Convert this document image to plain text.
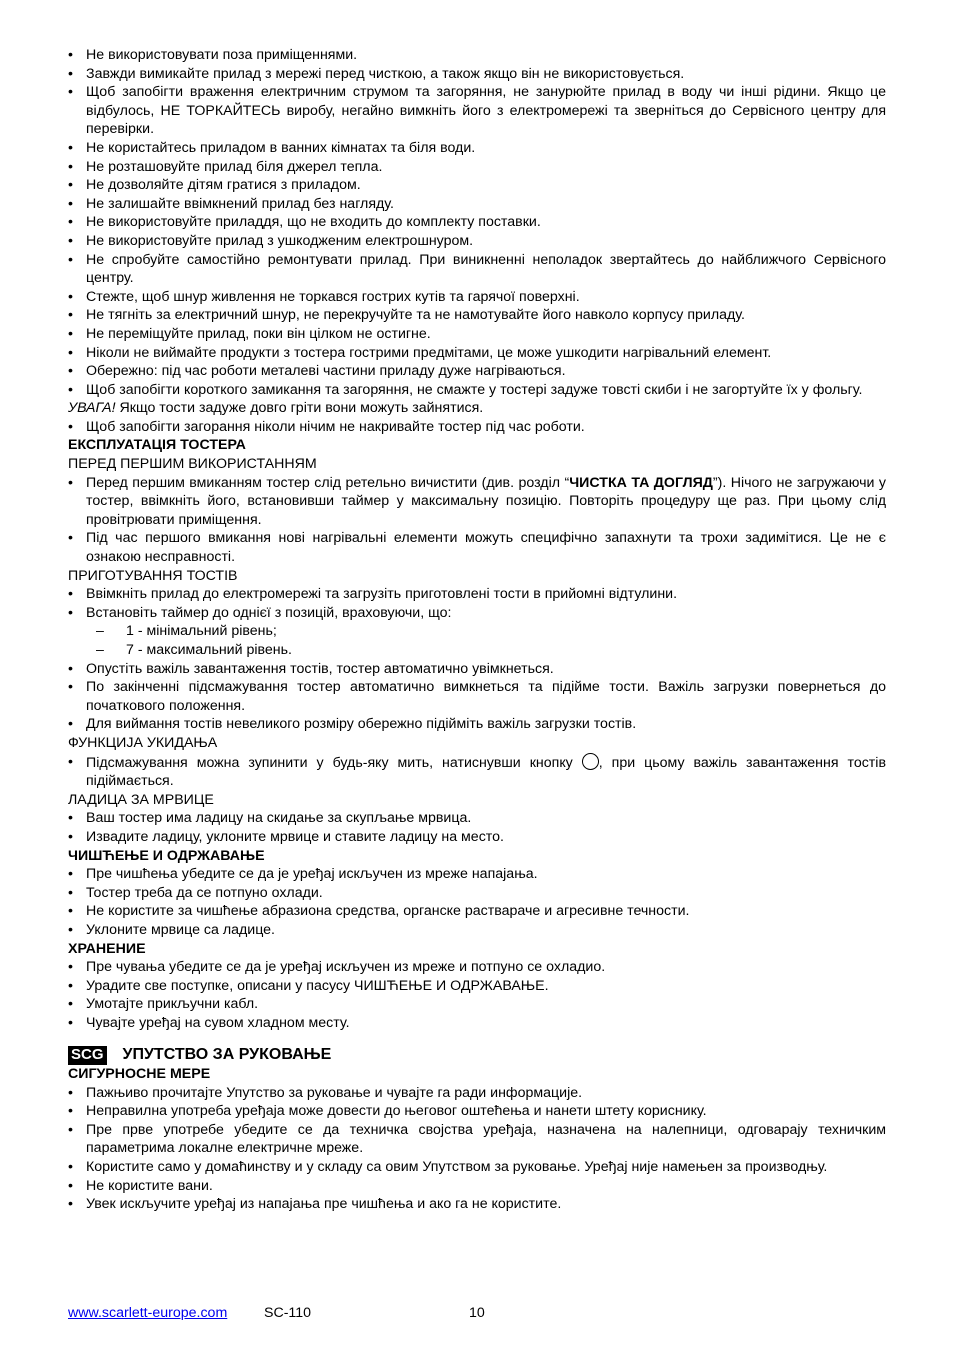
• Не використовувати поза приміщеннями.
• Завжди вимикайте прилад з мережі перед чисткою, а також якщо він не використовується.
• Щоб запобігти враження електричним струмом та загоряння, не занурюйте прилад в воду чи інші рідини. Якщо це відбулось, НЕ ТОРКАЙТЕСЬ виробу, негайно вимкніть його з електромережі та зверніться до Сервісного центру для перевірки.
• Не користайтесь приладом в ванних кімнатах та біля води.
• Не розташовуйте прилад біля джерел тепла.
• Не дозволяйте дітям гратися з приладом.
• Не залишайте ввімкнений прилад без нагляду.
• Не використовуйте приладдя, що не входить до комплекту поставки.
• Не використовуйте прилад з ушкодженим електрошнуром.
• Не спробуйте самостійно ремонтувати прилад. При виникненні неполадок звертайтесь до найближчого Сервісного центру.
• Стежте, щоб шнур живлення не торкався гострих кутів та гарячої поверхні.
• Не тягніть за електричний шнур, не перекручуйте та не намотувайте його навколо корпусу приладу.
• Не переміщуйте прилад, поки він цілком не остигне.
• Ніколи не виймайте продукти з тостера гострими предмітами, це може ушкодити нагрівальний елемент.
• Обережно: під час роботи металеві частини приладу дуже нагріваються.
• Щоб запобігти короткого замикання та загоряння, не смажте у тостері задуже товсті скиби і не загортуйте їх у фольгу.
УВАГА! Якщо тости задуже довго гріти вони можуть зайнятися.
• Щоб запобігти загорання ніколи нічим не накривайте тостер під час роботи.
ЕКСПЛУАТАЦІЯ ТОСТЕРА
ПЕРЕД ПЕРШИМ ВИКОРИСТАННЯМ
• Перед першим вмиканням тостер слід ретельно вичистити (див. розділ “ЧИСТКА ТА ДОГЛЯД”). Нічого не загружаючи у тостер, ввімкніть його, встановивши таймер у максимальну позицію. Повторіть процедуру ще раз. При цьому слід провітрювати приміщення.
• Під час першого вмикання нові нагрівальні елементи можуть специфічно запахнути та трохи задимітися. Це не є ознакою несправності.
ПРИГОТУВАННЯ ТОСТІВ
• Ввімкніть прилад до електромережі та загрузіть приготовлені тости в прийомні відтулини.
• Встановіть таймер до однієї з позицій, враховуючи, що:
– 1 - мінімальний рівень;
– 7 - максимальний рівень.
• Опустіть важіль завантаження тостів, тостер автоматично увімкнеться.
• По закінченні підсмажування тостер автоматично вимкнеться та підійме тости. Важіль загрузки повернеться до початкового положення.
• Для виймання тостів невеликого розміру обережно підійміть важіль загрузки тостів.
ФУНКЦИЈА УКИДАЊА
• Підсмажування можна зупинити у будь-яку мить, натиснувши кнопку , при цьому важіль завантаження тостів підіймається.
ЛАДИЦА ЗА МРВИЦЕ
• Ваш тостер има ладицу на скидање за скупљање мрвица.
• Извадите ладицу, уклоните мрвице и ставите ладицу на место.
ЧИШЋЕЊЕ И ОДРЖАВАЊЕ
• Пре чишћења убедите се да је уређај искључен из мреже напајања.
• Тостер треба да се потпуно охлади.
• Не користите за чишћење абразиона средства, органске раствараче и агресивне течности.
• Уклоните мрвице са ладице.
ХРАНЕНИЕ
• Пре чувања убедите се да је уређај искључен из мреже и потпуно се охладио.
• Урадите све поступке, описани у пасусу ЧИШЋЕЊЕ И ОДРЖАВАЊЕ.
• Умотајте прикључни кабл.
• Чувајте уређај на сувом хладном месту.
SCG УПУТСТВО ЗА РУКОВАЊЕ
СИГУРНОСНЕ МЕРЕ
• Пажњиво прочитајте Упутство за руковање и чувајте га ради информације.
• Неправилна употреба уређаја може довести до његовог оштећења и нанети штету кориснику.
• Пре прве употребе убедите се да техничка својства уређаја, назначена на налепници, одговарају техничким параметрима локалне електричне мреже.
• Користите само у домаћинству и у складу са овим Упутством за руковање. Уређај није намењен за производњу.
• Не користите вани.
• Увек искључите уређај из напајања пре чишћења и ако га не користите.
www.scarlett-europe.com	SC-110	10
